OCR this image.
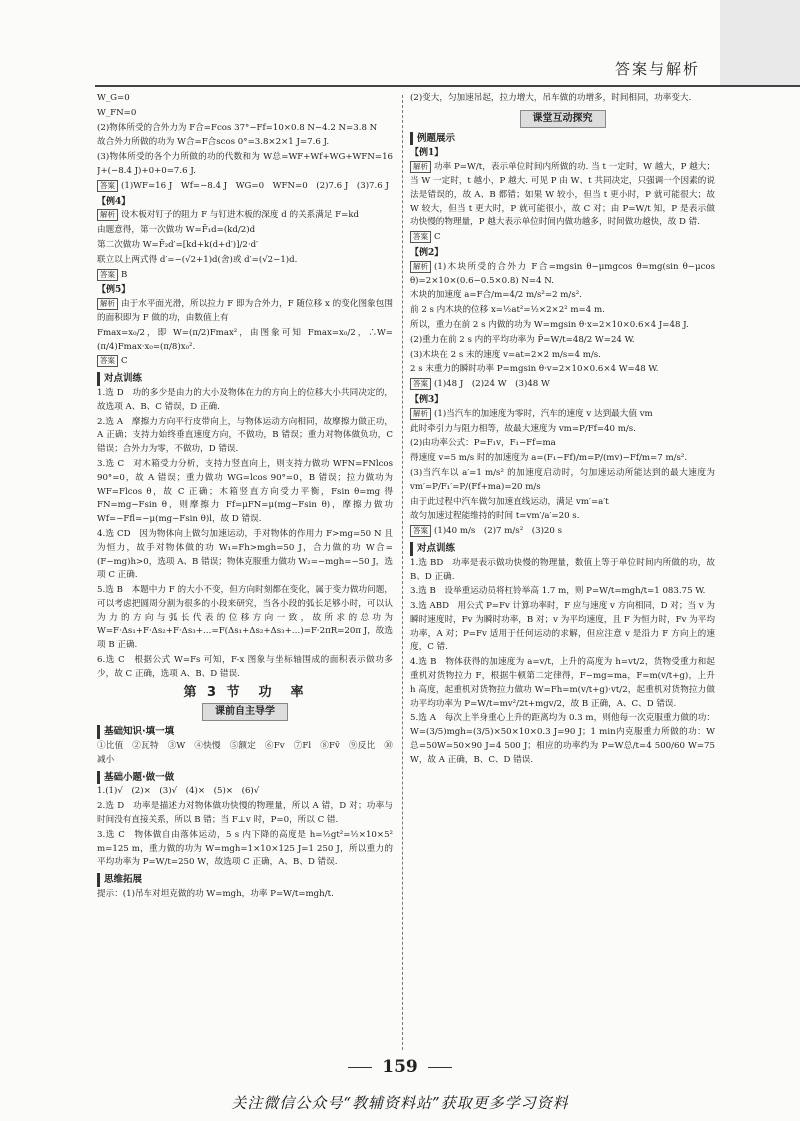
答案与解析

W_G=0

W_FN=0

(2)物体所受的合外力为 F合=Fcos 37°−Ff=10×0.8 N−4.2 N=3.8 N

故合外力所做的功为 W合=F合scos 0°=3.8×2×1 J=7.6 J.

(3)物体所受的各个力所做的功的代数和为 W总=WF+Wf+WG+WFN=16 J+(−8.4 J)+0+0=7.6 J.

答案 (1)WF=16 J　Wf=−8.4 J　WG=0　WFN=0　(2)7.6 J　(3)7.6 J

【例4】

解析 设木板对钉子的阻力 F 与钉进木板的深度 d 的关系满足 F=kd

由题意得，第一次做功 W=F̄₁d=(kd/2)d

第二次做功 W=F̄₂d′=[kd+k(d+d′)]/2·d′

联立以上两式得 d′=−(√2+1)d(舍)或 d′=(√2−1)d.

答案 B

【例5】

解析 由于水平面光滑，所以拉力 F 即为合外力，F 随位移 x 的变化图象包围的面积即为 F 做的功，由数值上有

Fmax=x₀/2，即 W=(π/2)Fmax²，由图象可知 Fmax=x₀/2，∴W=(π/4)Fmax·x₀=(π/8)x₀².

答案 C

对点训练

1.选 D　功的多少是由力的大小及物体在力的方向上的位移大小共同决定的，故选项 A、B、C 错误，D 正确.

2.选 A　摩擦力方向平行皮带向上，与物体运动方向相同，故摩擦力做正功，A 正确；支持力始终垂直速度方向，不做功，B 错误；重力对物体做负功，C 错误；合外力为零，不做功，D 错误.

3.选 C　对木箱受力分析，支持力竖直向上，则支持力做功 WFN=FNlcos 90°=0，故 A 错误；重力做功 WG=lcos 90°=0，B 错误；拉力做功为 WF=Flcos θ，故 C 正确；木箱竖直方向受力平衡，Fsin θ=mg 得 FN=mg−Fsin θ，则摩擦力 Ff=μFN=μ(mg−Fsin θ)，摩擦力做功 Wf=−Ffl=−μ(mg−Fsin θ)l，故 D 错误.

4.选 CD　因为物体向上做匀加速运动，手对物体的作用力 F>mg=50 N 且为恒力，故手对物体做的功 W₁=Fh>mgh=50 J，合力做的功 W合=(F−mg)h>0，选项 A、B 错误；物体克服重力做功 W₂=−mgh=−50 J，选项 C 正确.

5.选 B　本题中力 F 的大小不变，但方向时刻都在变化，属于变力做功问题，可以考虑把圆周分割为很多的小段来研究，当各小段的弧长足够小时，可以认为力的方向与弧长代表的位移方向一致，故所求的总功为 W=F·Δs₁+F·Δs₂+F·Δs₃+…=F(Δs₁+Δs₂+Δs₃+…)=F·2πR=20π J，故选项 B 正确.

6.选 C　根据公式 W=Fs 可知，F-x 图象与坐标轴围成的面积表示做功多少，故 C 正确，选项 A、B、D 错误.

第 3 节　功　率
课前自主导学
基础知识·填一填

①比值　 ②瓦特　 ③W　 ④快慢　 ⑤额定　 ⑥Fv　 ⑦Fl　 ⑧Fv̄　 ⑨反比　 ⑩减小

基础小题·做一做

1.(1)√　(2)×　(3)√　(4)×　(5)×　(6)√

2.选 D　功率是描述力对物体做功快慢的物理量，所以 A 错，D 对；功率与时间没有直接关系，所以 B 错；当 F⊥v 时，P=0，所以 C 错.

3.选 C　物体做自由落体运动，5 s 内下降的高度是 h=½gt²=½×10×5² m=125 m，重力做的功为 W=mgh=1×10×125 J=1 250 J，所以重力的平均功率为 P=W/t=250 W，故选项 C 正确，A、B、D 错误.

思维拓展

提示：(1)吊车对坦克做的功 W=mgh，功率 P=W/t=mgh/t.

(2)变大，匀加速吊起，拉力增大，吊车做的功增多，时间相同，功率变大.

课堂互动探究
例题展示
【例1】

解析 功率 P=W/t，表示单位时间内所做的功. 当 t 一定时，W 越大，P 越大；当 W 一定时，t 越小，P 越大. 可见 P 由 W、t 共同决定，只强调一个因素的说法是错误的，故 A、B 都错；如果 W 较小，但当 t 更小时，P 就可能很大；故 W 较大，但当 t 更大时，P 就可能很小，故 C 对；由 P=W/t 知，P 是表示做功快慢的物理量，P 越大表示单位时间内做功越多，时间做功越快，故 D 错.

答案 C

【例2】

解析 (1)木块所受的合外力 F合=mgsin θ−μmgcos θ=mg(sin θ−μcos θ)=2×10×(0.6−0.5×0.8) N=4 N.

木块的加速度 a=F合/m=4/2 m/s²=2 m/s².

前 2 s 内木块的位移 x=½at²=½×2×2² m=4 m.

所以，重力在前 2 s 内做的功为 W=mgsin θ·x=2×10×0.6×4 J=48 J.

(2)重力在前 2 s 内的平均功率为 P̄=W/t=48/2 W=24 W.

(3)木块在 2 s 末的速度 v=at=2×2 m/s=4 m/s.

2 s 末重力的瞬时功率 P=mgsin θ·v=2×10×0.6×4 W=48 W.

答案 (1)48 J　(2)24 W　(3)48 W

【例3】

解析 (1)当汽车的加速度为零时，汽车的速度 v 达到最大值 vm

此时牵引力与阻力相等，故最大速度为 vm=P/Ff=40 m/s.

(2)由功率公式：P=F₁v，F₁−Ff=ma

得速度 v=5 m/s 时的加速度为 a=(F₁−Ff)/m=P/(mv)−Ff/m=7 m/s².

(3)当汽车以 a′=1 m/s² 的加速度启动时，匀加速运动所能达到的最大速度为 vm′=P/F₁′=P/(Ff+ma)=20 m/s

由于此过程中汽车做匀加速直线运动，满足 vm′=a′t

故匀加速过程能维持的时间 t=vm′/a′=20 s.

答案 (1)40 m/s　(2)7 m/s²　(3)20 s

对点训练

1.选 BD　功率是表示做功快慢的物理量，数值上等于单位时间内所做的功，故 B、D 正确.

3.选 B　设举重运动员将杠铃举高 1.7 m，则 P=W/t=mgh/t=1 083.75 W.

3.选 ABD　用公式 P=Fv 计算功率时，F 应与速度 v 方向相同，D 对；当 v 为瞬时速度时，Fv 为瞬时功率，B 对；v 为平均速度，且 F 为恒力时，Fv 为平均功率，A 对；P=Fv 适用于任何运动的求解，但应注意 v 是沿力 F 方向上的速度，C 错.

4.选 B　物体获得的加速度为 a=v/t，上升的高度为 h=vt/2，货物受重力和起重机对货物拉力 F，根据牛顿第二定律得，F−mg=ma，F=m(v/t+g)，上升 h 高度，起重机对货物拉力做功 W=Fh=m(v/t+g)·vt/2，起重机对货物拉力做功平均功率为 P=W/t=mv²/2t+mgv/2，故 B 正确，A、C、D 错误.

5.选 A　每次上半身重心上升的距离均为 0.3 m，则他每一次克服重力做的功：W=(3/5)mgh=(3/5)×50×10×0.3 J=90 J；1 min内克服重力所做的功：W总=50W=50×90 J=4 500 J；相应的功率约为 P=W总/t=4 500/60 W=75 W，故 A 正确，B、C、D 错误.

159
关注微信公众号“教辅资料站”获取更多学习资料
